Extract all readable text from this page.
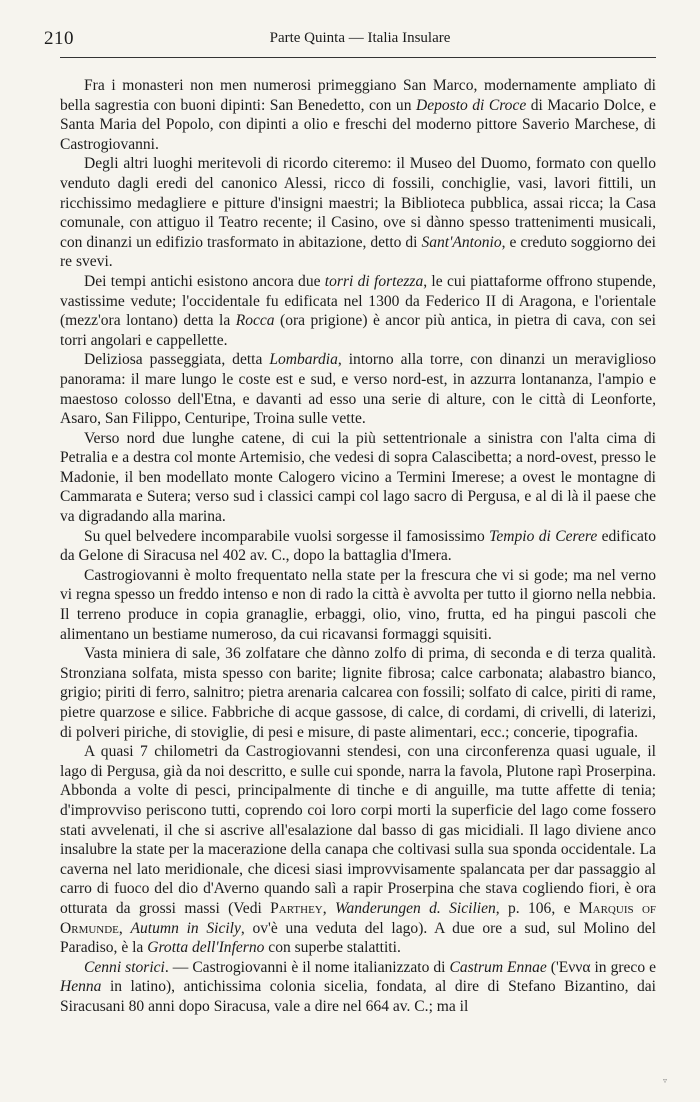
210	Parte Quinta — Italia Insulare

Fra i monasteri non men numerosi primeggiano San Marco, modernamente ampliato di bella sagrestia con buoni dipinti: San Benedetto, con un Deposto di Croce di Macario Dolce, e Santa Maria del Popolo, con dipinti a olio e freschi del moderno pittore Saverio Marchese, di Castrogiovanni.

Degli altri luoghi meritevoli di ricordo citeremo: il Museo del Duomo, formato con quello venduto dagli eredi del canonico Alessi, ricco di fossili, conchiglie, vasi, lavori fittili, un ricchissimo medagliere e pitture d'insigni maestri; la Biblioteca pubblica, assai ricca; la Casa comunale, con attiguo il Teatro recente; il Casino, ove si dànno spesso trattenimenti musicali, con dinanzi un edifizio trasformato in abitazione, detto di Sant'Antonio, e creduto soggiorno dei re svevi.

Dei tempi antichi esistono ancora due torri di fortezza, le cui piattaforme offrono stupende, vastissime vedute; l'occidentale fu edificata nel 1300 da Federico II di Aragona, e l'orientale (mezz'ora lontano) detta la Rocca (ora prigione) è ancor più antica, in pietra di cava, con sei torri angolari e cappellette.

Deliziosa passeggiata, detta Lombardia, intorno alla torre, con dinanzi un meraviglioso panorama: il mare lungo le coste est e sud, e verso nord-est, in azzurra lontananza, l'ampio e maestoso colosso dell'Etna, e davanti ad esso una serie di alture, con le città di Leonforte, Asaro, San Filippo, Centuripe, Troina sulle vette.

Verso nord due lunghe catene, di cui la più settentrionale a sinistra con l'alta cima di Petralia e a destra col monte Artemisio, che vedesi di sopra Calascibetta; a nord-ovest, presso le Madonie, il ben modellato monte Calogero vicino a Termini Imerese; a ovest le montagne di Cammarata e Sutera; verso sud i classici campi col lago sacro di Pergusa, e al di là il paese che va digradando alla marina.

Su quel belvedere incomparabile vuolsi sorgesse il famosissimo Tempio di Cerere edificato da Gelone di Siracusa nel 402 av. C., dopo la battaglia d'Imera.

Castrogiovanni è molto frequentato nella state per la frescura che vi si gode; ma nel verno vi regna spesso un freddo intenso e non di rado la città è avvolta per tutto il giorno nella nebbia. Il terreno produce in copia granaglie, erbaggi, olio, vino, frutta, ed ha pingui pascoli che alimentano un bestiame numeroso, da cui ricavansi formaggi squisiti.

Vasta miniera di sale, 36 zolfatare che dànno zolfo di prima, di seconda e di terza qualità. Stronziana solfata, mista spesso con barite; lignite fibrosa; calce carbonata; alabastro bianco, grigio; piriti di ferro, salnitro; pietra arenaria calcarea con fossili; solfato di calce, piriti di rame, pietre quarzose e silice. Fabbriche di acque gassose, di calce, di cordami, di crivelli, di laterizi, di polveri piriche, di stoviglie, di pesi e misure, di paste alimentari, ecc.; concerie, tipografia.

A quasi 7 chilometri da Castrogiovanni stendesi, con una circonferenza quasi uguale, il lago di Pergusa, già da noi descritto, e sulle cui sponde, narra la favola, Plutone rapì Proserpina. Abbonda a volte di pesci, principalmente di tinche e di anguille, ma tutte affette di tenia; d'improvviso periscono tutti, coprendo coi loro corpi morti la superficie del lago come fossero stati avvelenati, il che si ascrive all'esalazione dal basso di gas micidiali. Il lago diviene anco insalubre la state per la macerazione della canapa che coltivasi sulla sua sponda occidentale. La caverna nel lato meridionale, che dicesi siasi improvvisamente spalancata per dar passaggio al carro di fuoco del dio d'Averno quando salì a rapir Proserpina che stava cogliendo fiori, è ora otturata da grossi massi (Vedi Parthey, Wanderungen d. Sicilien, p. 106, e Marquis of Ormunde, Autumn in Sicily, ov'è una veduta del lago). A due ore a sud, sul Molino del Paradiso, è la Grotta dell'Inferno con superbe stalattiti.

Cenni storici. — Castrogiovanni è il nome italianizzato di Castrum Ennae ('Εννα in greco e Henna in latino), antichissima colonia sicelia, fondata, al dire di Stefano Bizantino, dai Siracusani 80 anni dopo Siracusa, vale a dire nel 664 av. C.; ma il

▿
